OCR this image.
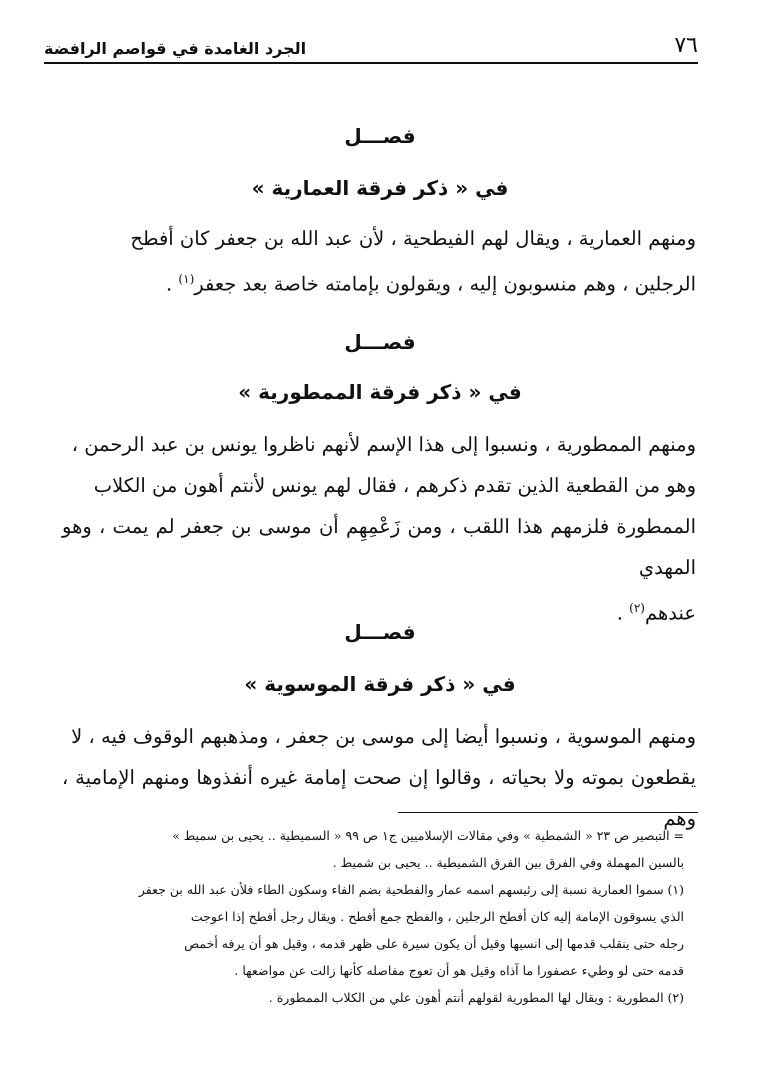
٧٦
الجرد الغامدة في قواصم الرافضة
فصـــل
في « ذكر فرقة العمارية »
ومنهم العمارية ، ويقال لهم الفيطحية ، لأن عبد الله بن جعفر كان أفطح
الرجلين ، وهم منسوبون إليه ، ويقولون بإمامته خاصة بعد جعفر$^{(١)}$ .
فصـــل
في « ذكر فرقة الممطورية »
ومنهم الممطورية ، ونسبوا إلى هذا الإسم لأنهم ناظروا يونس بن عبد الرحمن ،
وهو من القطعية الذين تقدم ذكرهم ، فقال لهم يونس لأنتم أهون من الكلاب
الممطورة فلزمهم هذا اللقب ، ومن زَعْمِهِم أن موسى بن جعفر لم يمت ، وهو المهدي
عندهم$^{(٢)}$ .
فصـــل
في « ذكر فرقة الموسوية »
ومنهم الموسوية ، ونسبوا أيضا إلى موسى بن جعفر ، ومذهبهم الوقوف فيه ، لا
يقطعون بموته ولا بحياته ، وقالوا إن صحت إمامة غيره أنفذوها ومنهم الإمامية ، وهم
= التبصير ص ٢٣ « الشمطية » وفي مقالات الإسلاميين ج١ ص ٩٩ « السميطية .. يحيى بن سميط »
بالسين المهملة وفي الفرق بين الفرق الشميطية .. يحيى بن شميط .
(١) سموا العمارية نسبة إلى رئيسهم اسمه عمار والفطحية بضم الفاء وسكون الطاء فلأن عبد الله بن جعفر
الذي يسوقون الإمامة إليه كان أفطح الرجلين ، والفطح جمع أفطح . ويقال رجل أفطح إذا اعوجت
رجله حتى ينقلب قدمها إلى انسيها وقيل أن يكون سيرة على ظهر قدمه ، وقيل هو أن يرفه أخمص
قدمه حتى لو وطيء عصفورا ما آذاه وقيل هو أن تعوج مفاصله كأنها زالت عن مواضعها .
(٢) المطورية : ويقال لها المطورية لقولهم أنتم أهون علي من الكلاب الممطورة .
